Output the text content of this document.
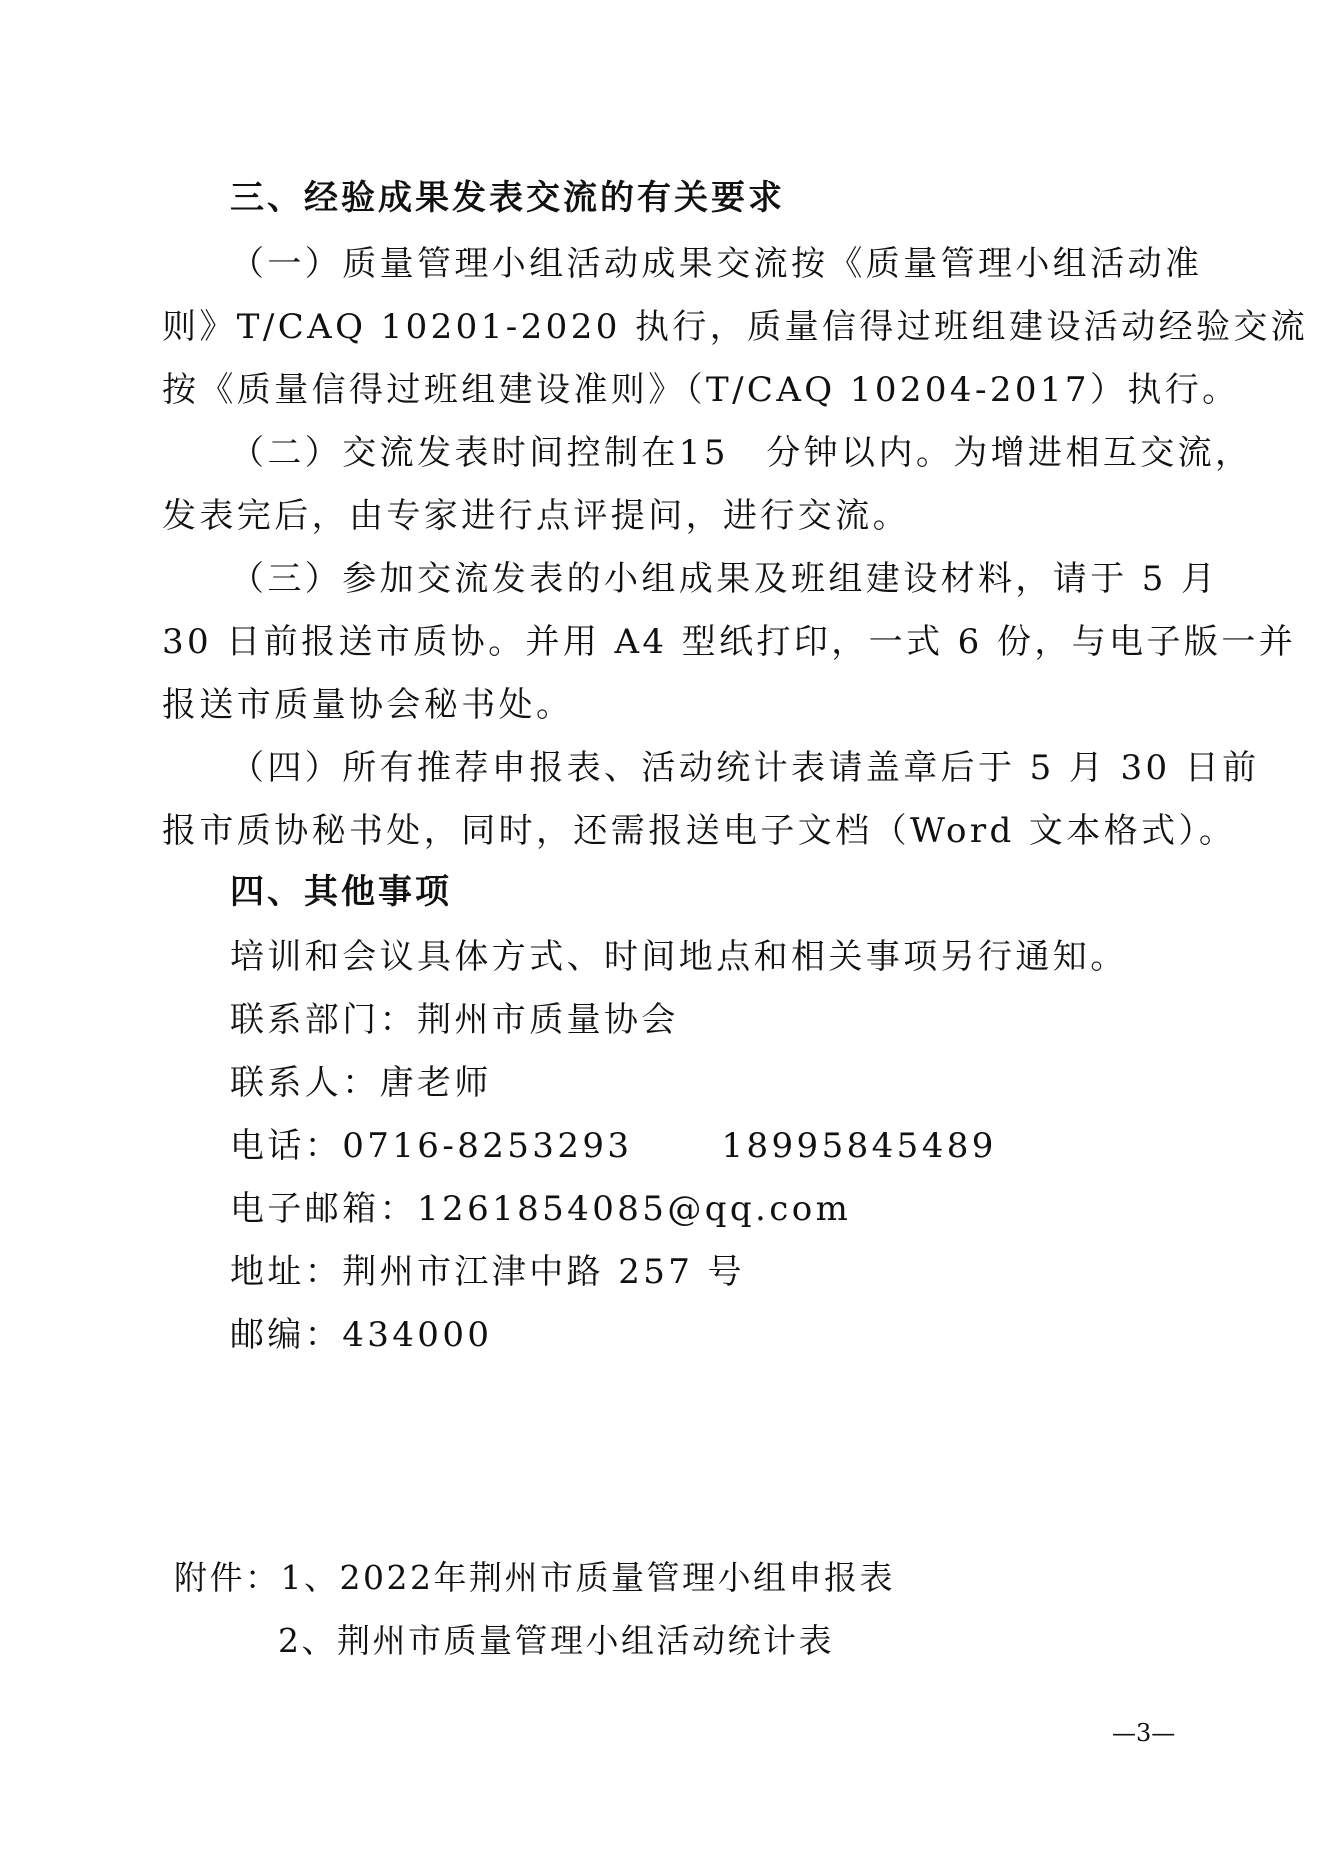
三、经验成果发表交流的有关要求
（一）质量管理小组活动成果交流按《质量管理小组活动准
则》T/CAQ 10201-2020 执行，质量信得过班组建设活动经验交流
按《质量信得过班组建设准则》（T/CAQ 10204-2017）执行。
（二）交流发表时间控制在15　分钟以内。为增进相互交流，
发表完后，由专家进行点评提问，进行交流。
（三）参加交流发表的小组成果及班组建设材料，请于 5 月
30 日前报送市质协。并用 A4 型纸打印，一式 6 份，与电子版一并
报送市质量协会秘书处。
（四）所有推荐申报表、活动统计表请盖章后于 5 月 30 日前
报市质协秘书处，同时，还需报送电子文档（Word 文本格式）。
四、其他事项
培训和会议具体方式、时间地点和相关事项另行通知。
联系部门：荆州市质量协会
联系人：唐老师
电话：0716-8253293　　 18995845489
电子邮箱：1261854085@qq.com
地址：荆州市江津中路 257 号
邮编：434000
附件：1、2022年荆州市质量管理小组申报表
2、荆州市质量管理小组活动统计表
—3—
